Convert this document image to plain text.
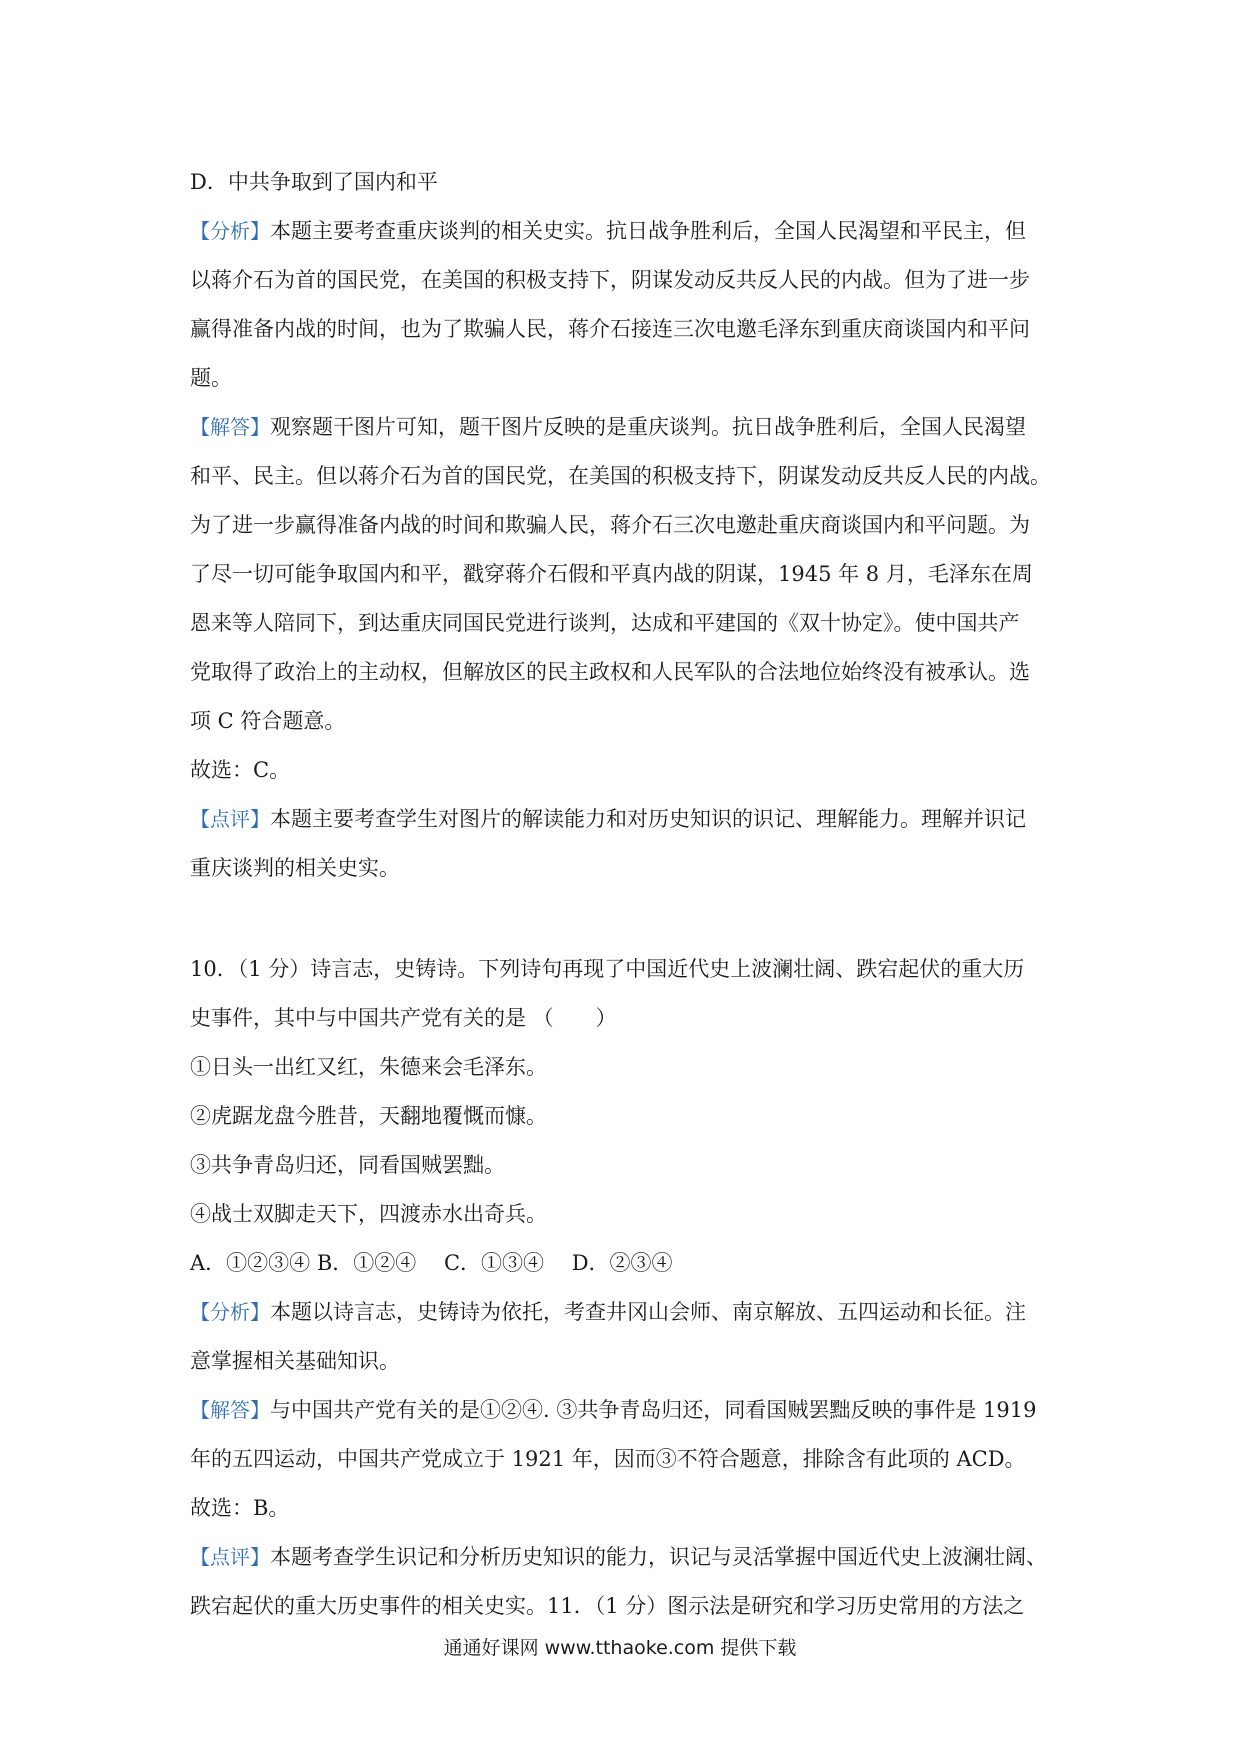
D．中共争取到了国内和平
【分析】本题主要考查重庆谈判的相关史实。抗日战争胜利后，全国人民渴望和平民主，但
以蒋介石为首的国民党，在美国的积极支持下，阴谋发动反共反人民的内战。但为了进一步
赢得准备内战的时间，也为了欺骗人民，蒋介石接连三次电邀毛泽东到重庆商谈国内和平问
题。
【解答】观察题干图片可知，题干图片反映的是重庆谈判。抗日战争胜利后，全国人民渴望
和平、民主。但以蒋介石为首的国民党，在美国的积极支持下，阴谋发动反共反人民的内战。
为了进一步赢得准备内战的时间和欺骗人民，蒋介石三次电邀赴重庆商谈国内和平问题。为
了尽一切可能争取国内和平，戳穿蒋介石假和平真内战的阴谋，1945 年 8 月，毛泽东在周
恩来等人陪同下，到达重庆同国民党进行谈判，达成和平建国的《双十协定》。使中国共产
党取得了政治上的主动权，但解放区的民主政权和人民军队的合法地位始终没有被承认。选
项 C 符合题意。
故选：C。
【点评】本题主要考查学生对图片的解读能力和对历史知识的识记、理解能力。理解并识记
重庆谈判的相关史实。
10．（1 分）诗言志，史铸诗。下列诗句再现了中国近代史上波澜壮阔、跌宕起伏的重大历
史事件，其中与中国共产党有关的是 （　　）
①日头一出红又红，朱德来会毛泽东。
②虎踞龙盘今胜昔，天翻地覆慨而慷。
③共争青岛归还，同看国贼罢黜。
④战士双脚走天下，四渡赤水出奇兵。
A．①②③④ B．①②④　 C．①③④　 D．②③④
【分析】本题以诗言志，史铸诗为依托，考查井冈山会师、南京解放、五四运动和长征。注
意掌握相关基础知识。
【解答】与中国共产党有关的是①②④. ③共争青岛归还，同看国贼罢黜反映的事件是 1919
年的五四运动，中国共产党成立于 1921 年，因而③不符合题意，排除含有此项的 ACD。
故选：B。
【点评】本题考查学生识记和分析历史知识的能力，识记与灵活掌握中国近代史上波澜壮阔、
跌宕起伏的重大历史事件的相关史实。11．（1 分）图示法是研究和学习历史常用的方法之
通通好课网 www.tthaoke.com 提供下载
